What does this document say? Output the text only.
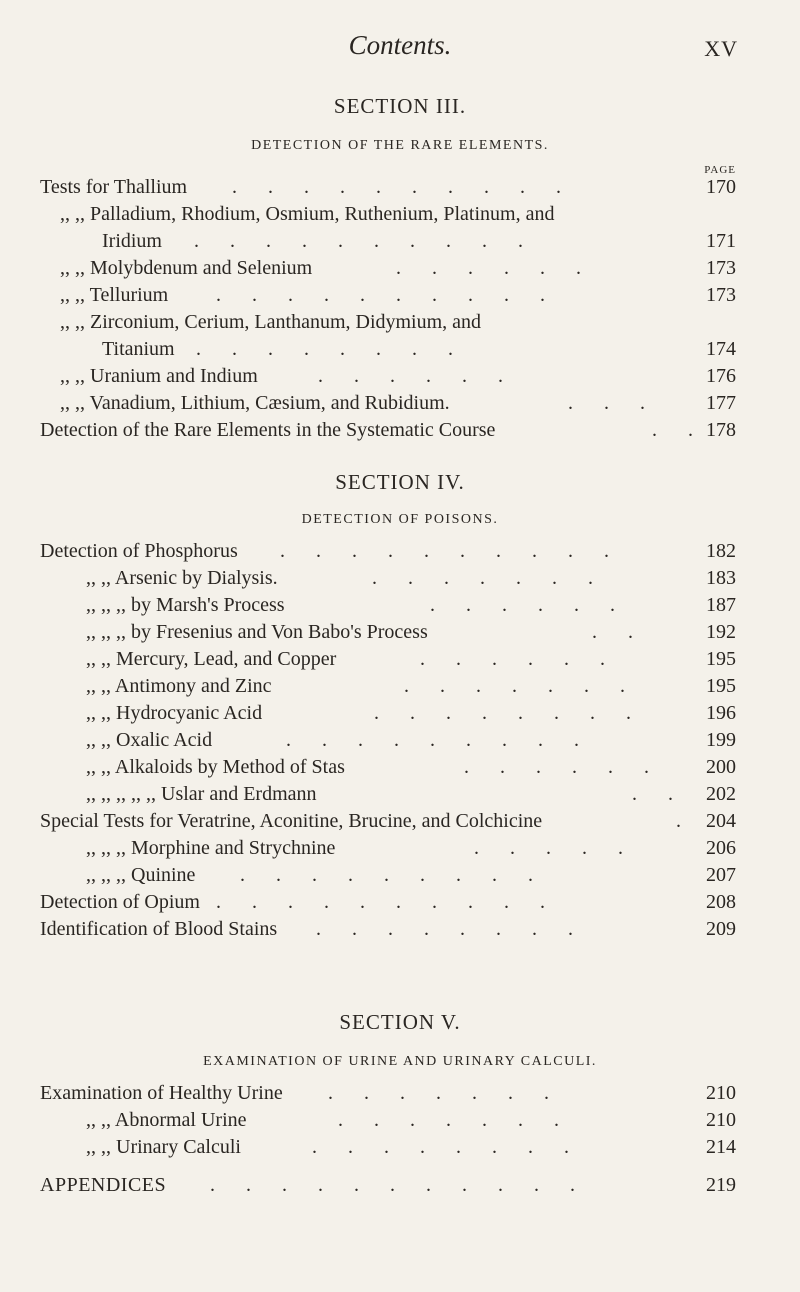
Contents.	XV
SECTION III.
DETECTION OF THE RARE ELEMENTS.
PAGE
Tests for Thallium . . . . . . . . . .	170
,, ,, Palladium, Rhodium, Osmium, Ruthenium, Platinum, and
Iridium . . . . . . . . . .	171
,, ,, Molybdenum and Selenium	. . . . . .	173
,, ,, Tellurium . . . . . . . . . .	173
,, ,, Zirconium, Cerium, Lanthanum, Didymium, and
Titanium . . . . . . . .	174
,, ,, Uranium and Indium	. . . . . .	176
,, ,, Vanadium, Lithium, Cæsium, and Rubidium.	. . . 177
Detection of the Rare Elements in the Systematic Course	. . 178
SECTION IV.
DETECTION OF POISONS.
Detection of Phosphorus . . . . . . . . . .	182
,, ,, Arsenic by Dialysis.	. . . . . . .	183
,, ,, ,, by Marsh's Process	. . . . . .	187
,, ,, ,, by Fresenius and Von Babo's Process	. .	192
,, ,, Mercury, Lead, and Copper	. . . . . .	195
,, ,, Antimony and Zinc	. . . . . . .	195
,, ,, Hydrocyanic Acid	. . . . . . . .	196
,, ,, Oxalic Acid	. . . . . . . . .	199
,, ,, Alkaloids by Method of Stas	. . . . . . 200
,, ,, ,, ,, ,, Uslar and Erdmann	. . 202
Special Tests for Veratrine, Aconitine, Brucine, and Colchicine	. 204
,, ,, ,, Morphine and Strychnine	. . . . .	206
,, ,, ,, Quinine . . . . . . . . .	207
Detection of Opium . . . . . . . . . .	208
Identification of Blood Stains . . . . . . . .	209
SECTION V.
EXAMINATION OF URINE AND URINARY CALCULI.
Examination of Healthy Urine . . . . . . .	210
,, ,, Abnormal Urine	. . . . . . .	210
,, ,, Urinary Calculi	. . . . . . . .	214
APPENDICES . . . . . . . . . . .	219
